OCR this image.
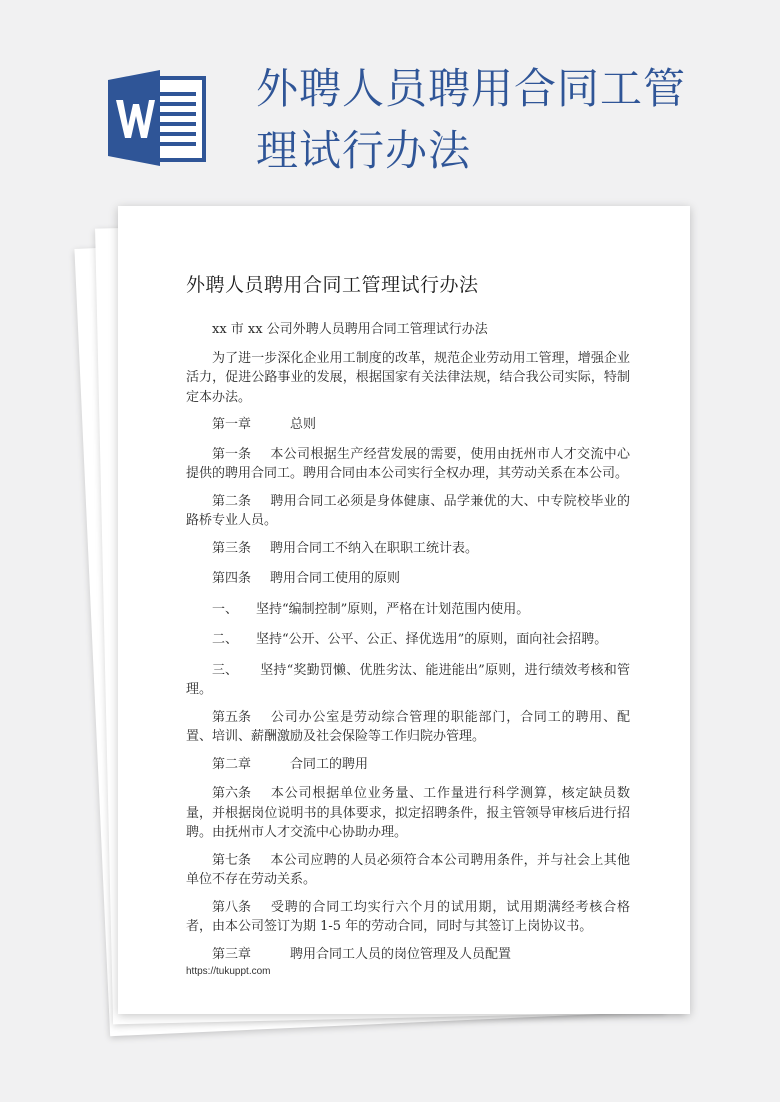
外聘人员聘用合同工管理试行办法
外聘人员聘用合同工管理试行办法

xx 市 xx 公司外聘人员聘用合同工管理试行办法

为了进一步深化企业用工制度的改革，规范企业劳动用工管理，增强企业活力，促进公路事业的发展，根据国家有关法律法规，结合我公司实际，特制定本办法。

第一章	总则

第一条 本公司根据生产经营发展的需要，使用由抚州市人才交流中心提供的聘用合同工。聘用合同由本公司实行全权办理，其劳动关系在本公司。

第二条 聘用合同工必须是身体健康、品学兼优的大、中专院校毕业的路桥专业人员。

第三条 聘用合同工不纳入在职职工统计表。

第四条 聘用合同工使用的原则

一、 坚持“编制控制”原则，严格在计划范围内使用。

二、 坚持“公开、公平、公正、择优选用”的原则，面向社会招聘。

三、 坚持“奖勤罚懒、优胜劣汰、能进能出”原则，进行绩效考核和管理。

第五条 公司办公室是劳动综合管理的职能部门，合同工的聘用、配置、培训、薪酬激励及社会保险等工作归院办管理。

第二章	合同工的聘用

第六条 本公司根据单位业务量、工作量进行科学测算，核定缺员数量，并根据岗位说明书的具体要求，拟定招聘条件，报主管领导审核后进行招聘。由抚州市人才交流中心协助办理。

第七条 本公司应聘的人员必须符合本公司聘用条件，并与社会上其他单位不存在劳动关系。

第八条 受聘的合同工均实行六个月的试用期，试用期满经考核合格者，由本公司签订为期 1-5 年的劳动合同，同时与其签订上岗协议书。

第三章	聘用合同工人员的岗位管理及人员配置

https://tukuppt.com
